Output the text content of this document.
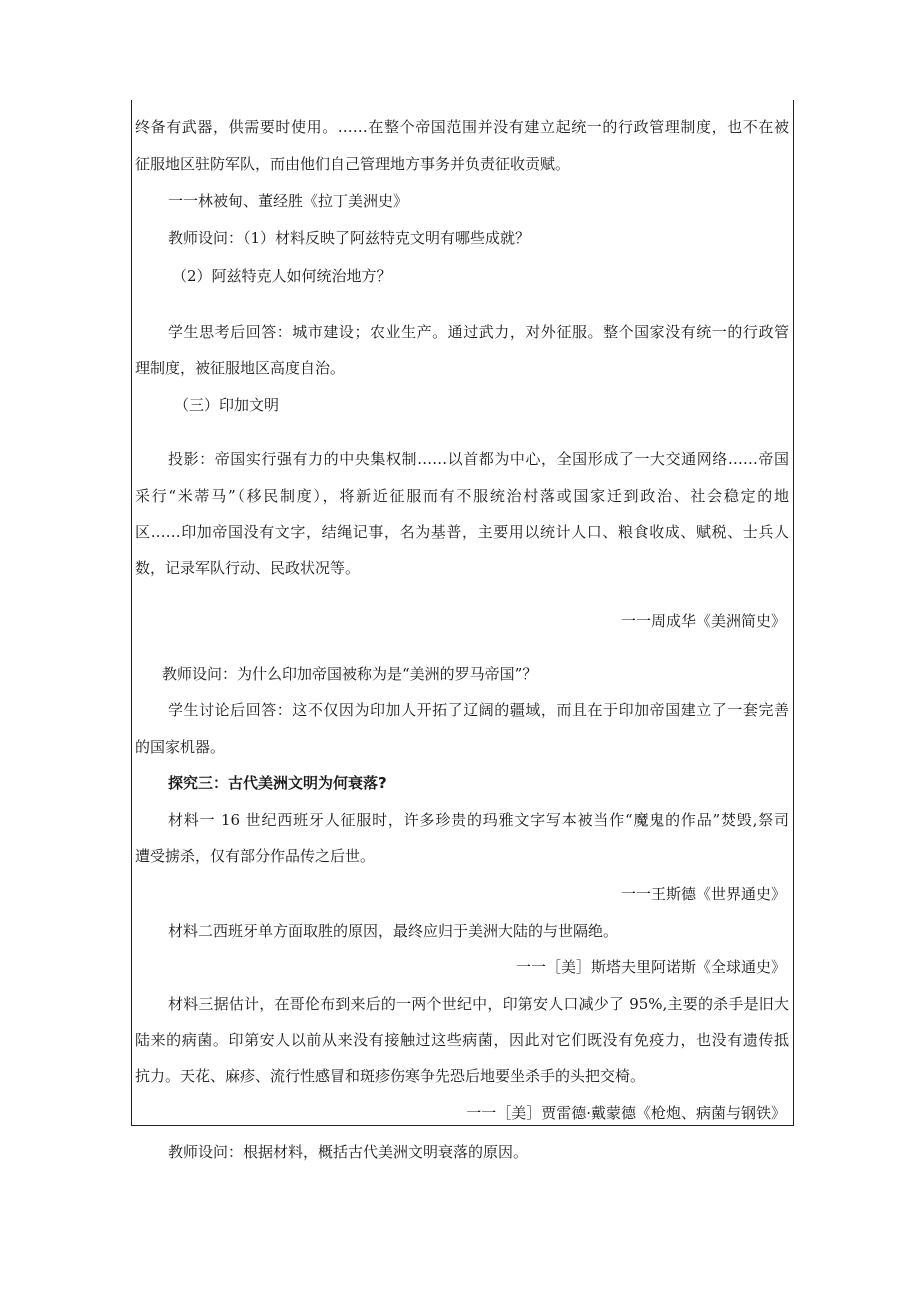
终备有武器，供需要时使用。……在整个帝国范围并没有建立起统一的行政管理制度，也不在被
征服地区驻防军队，而由他们自己管理地方事务并负责征收贡赋。
一一林被甸、董经胜《拉丁美洲史》
教师设问：（1）材料反映了阿兹特克文明有哪些成就？
（2）阿兹特克人如何统治地方？
学生思考后回答：城市建设；农业生产。通过武力，对外征服。整个国家没有统一的行政管
理制度，被征服地区高度自治。
（三）印加文明
投影：帝国实行强有力的中央集权制……以首都为中心，全国形成了一大交通网络……帝国
采行“米蒂马”（移民制度），将新近征服而有不服统治村落或国家迁到政治、社会稳定的地
区……印加帝国没有文字，结绳记事，名为基普，主要用以统计人口、粮食收成、赋税、士兵人
数，记录军队行动、民政状况等。
一一周成华《美洲简史》
教师设问：为什么印加帝国被称为是“美洲的罗马帝国”？
学生讨论后回答：这不仅因为印加人开拓了辽阔的疆域，而且在于印加帝国建立了一套完善
的国家机器。
探究三：古代美洲文明为何衰落?
材料一 16 世纪西班牙人征服时，许多珍贵的玛雅文字写本被当作“魔鬼的作品”焚毁,祭司
遭受掳杀，仅有部分作品传之后世。
一一王斯德《世界通史》
材料二西班牙单方面取胜的原因，最终应归于美洲大陆的与世隔绝。
一一［美］斯塔夫里阿诺斯《全球通史》
材料三据估计，在哥伦布到来后的一两个世纪中，印第安人口减少了 95%,主要的杀手是旧大
陆来的病菌。印第安人以前从来没有接触过这些病菌，因此对它们既没有免疫力，也没有遗传抵
抗力。天花、麻疹、流行性感冒和斑疹伤寒争先恐后地要坐杀手的头把交椅。
一一［美］贾雷德·戴蒙德《枪炮、病菌与钢铁》
教师设问：根据材料，概括古代美洲文明衰落的原因。
